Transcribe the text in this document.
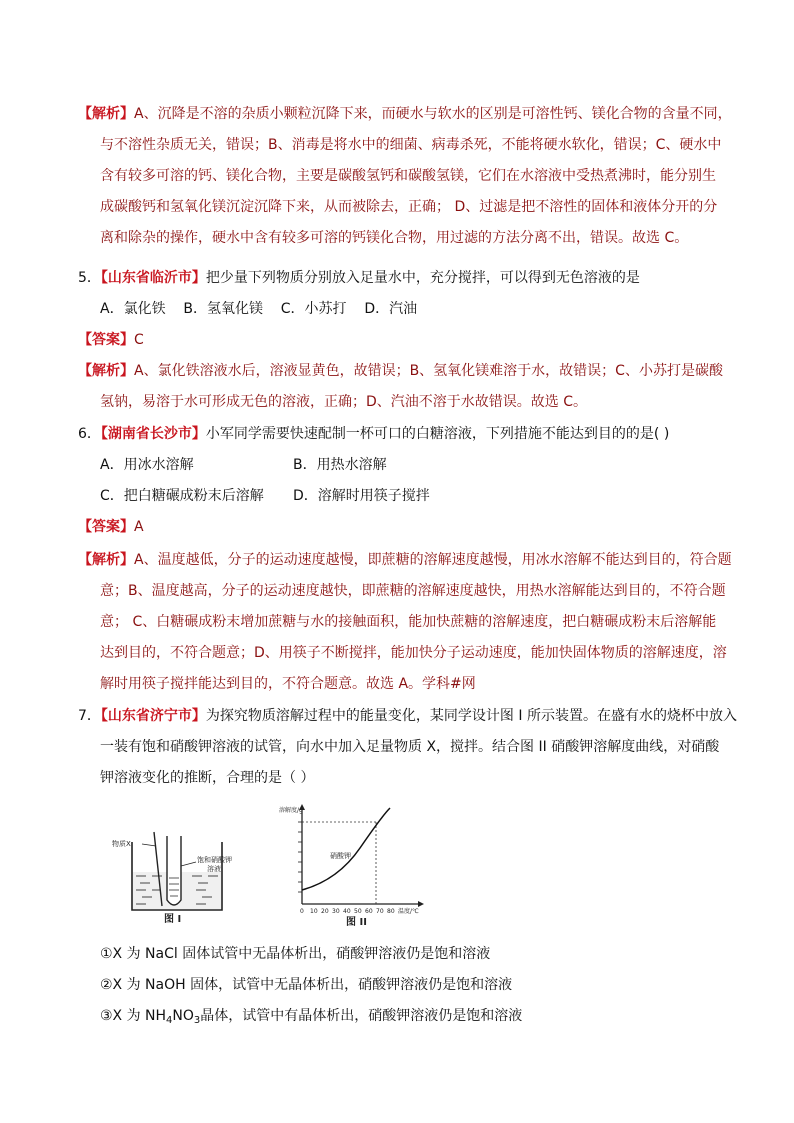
【解析】A、沉降是不溶的杂质小颗粒沉降下来，而硬水与软水的区别是可溶性钙、镁化合物的含量不同，
与不溶性杂质无关，错误；B、消毒是将水中的细菌、病毒杀死，不能将硬水软化，错误；C、硬水中
含有较多可溶的钙、镁化合物，主要是碳酸氢钙和碳酸氢镁，它们在水溶液中受热煮沸时，能分别生
成碳酸钙和氢氧化镁沉淀沉降下来，从而被除去，正确； D、过滤是把不溶性的固体和液体分开的分
离和除杂的操作，硬水中含有较多可溶的钙镁化合物，用过滤的方法分离不出，错误。故选 C。
5．【山东省临沂市】把少量下列物质分别放入足量水中，充分搅拌，可以得到无色溶液的是
A．氯化铁    B．氢氧化镁    C．小苏打    D．汽油
【答案】C
【解析】A、氯化铁溶液水后，溶液显黄色，故错误；B、氢氧化镁难溶于水，故错误；C、小苏打是碳酸
氢钠，易溶于水可形成无色的溶液，正确；D、汽油不溶于水故错误。故选 C。
6．【湖南省长沙市】小军同学需要快速配制一杯可口的白糖溶液，下列措施不能达到目的的是( )
A．用冰水溶解	B．用热水溶解
C．把白糖碾成粉末后溶解 D．溶解时用筷子搅拌
【答案】A
【解析】A、温度越低，分子的运动速度越慢，即蔗糖的溶解速度越慢，用冰水溶解不能达到目的，符合题
意；B、温度越高，分子的运动速度越快，即蔗糖的溶解速度越快，用热水溶解能达到目的，不符合题
意； C、白糖碾成粉末增加蔗糖与水的接触面积，能加快蔗糖的溶解速度，把白糖碾成粉末后溶解能
达到目的，不符合题意；D、用筷子不断搅拌，能加快分子运动速度，能加快固体物质的溶解速度，溶
解时用筷子搅拌能达到目的，不符合题意。故选 A。学科#网
7．【山东省济宁市】为探究物质溶解过程中的能量变化，某同学设计图 I 所示装置。在盛有水的烧杯中放入
一装有饱和硝酸钾溶液的试管，向水中加入足量物质 X，搅拌。结合图 II 硝酸钾溶解度曲线，对硝酸
钾溶液变化的推断，合理的是（ ）
物质X
饱和硝酸钾
溶液
图 I
溶解度/g
硝酸钾
0 10 20 30 40 50 60 70 80 温度/℃
图 II
①X 为 NaCl 固体试管中无晶体析出，硝酸钾溶液仍是饱和溶液
②X 为 NaOH 固体，试管中无晶体析出，硝酸钾溶液仍是饱和溶液
③X 为 $NH_4NO_3$晶体，试管中有晶体析出，硝酸钾溶液仍是饱和溶液
